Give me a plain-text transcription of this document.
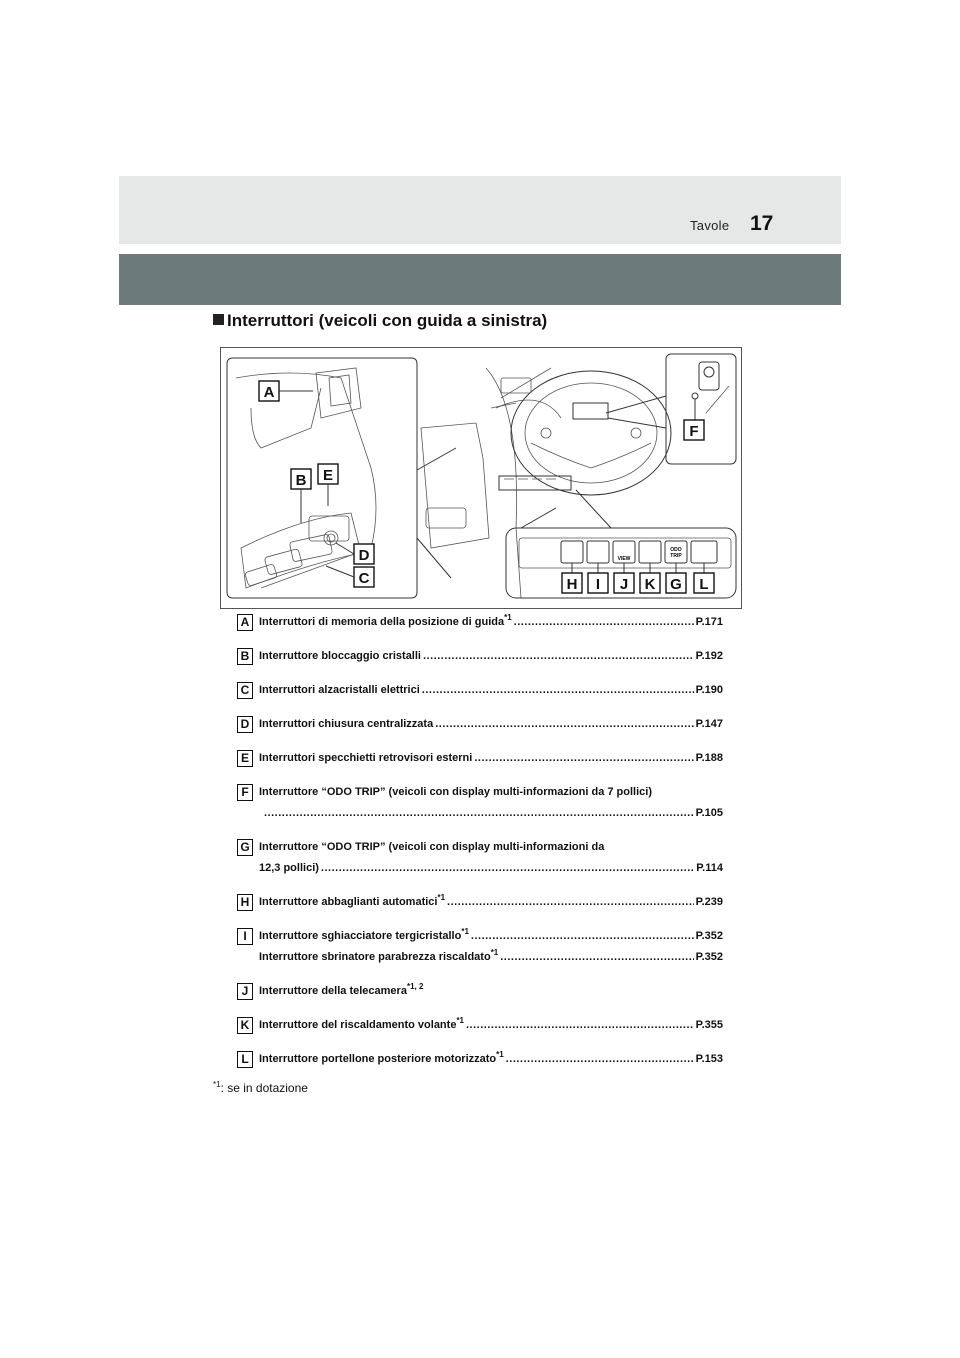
Tavole 17
Interruttori (veicoli con guida a sinistra)
VIEW
ODO
TRIP
A
B E
D
C
F
H I J K G L
A Interruttori di memoria della posizione di guida$^{*1}$ .....	P.171
B Interruttore bloccaggio cristalli .....	P.192
C Interruttori alzacristalli elettrici .....	P.190
D Interruttori chiusura centralizzata .....	P.147
E Interruttori specchietti retrovisori esterni .....	P.188
F Interruttore “ODO TRIP” (veicoli con display multi-informazioni da 7 pollici)
.....
P.105
G Interruttore “ODO TRIP” (veicoli con display multi-informazioni da
12,3 pollici) .....	P.114
H Interruttore abbaglianti automatici$^{*1}$ .....	P.239
I	Interruttore sghiacciatore tergicristallo$^{*1}$ .....	P.352
Interruttore sbrinatore parabrezza riscaldato$^{*1}$ .....	P.352
J Interruttore della telecamera$^{*1, 2}$
K Interruttore del riscaldamento volante$^{*1}$ .....	P.355
L Interruttore portellone posteriore motorizzato$^{*1}$ .....	P.153
$^{*1}$: se in dotazione
